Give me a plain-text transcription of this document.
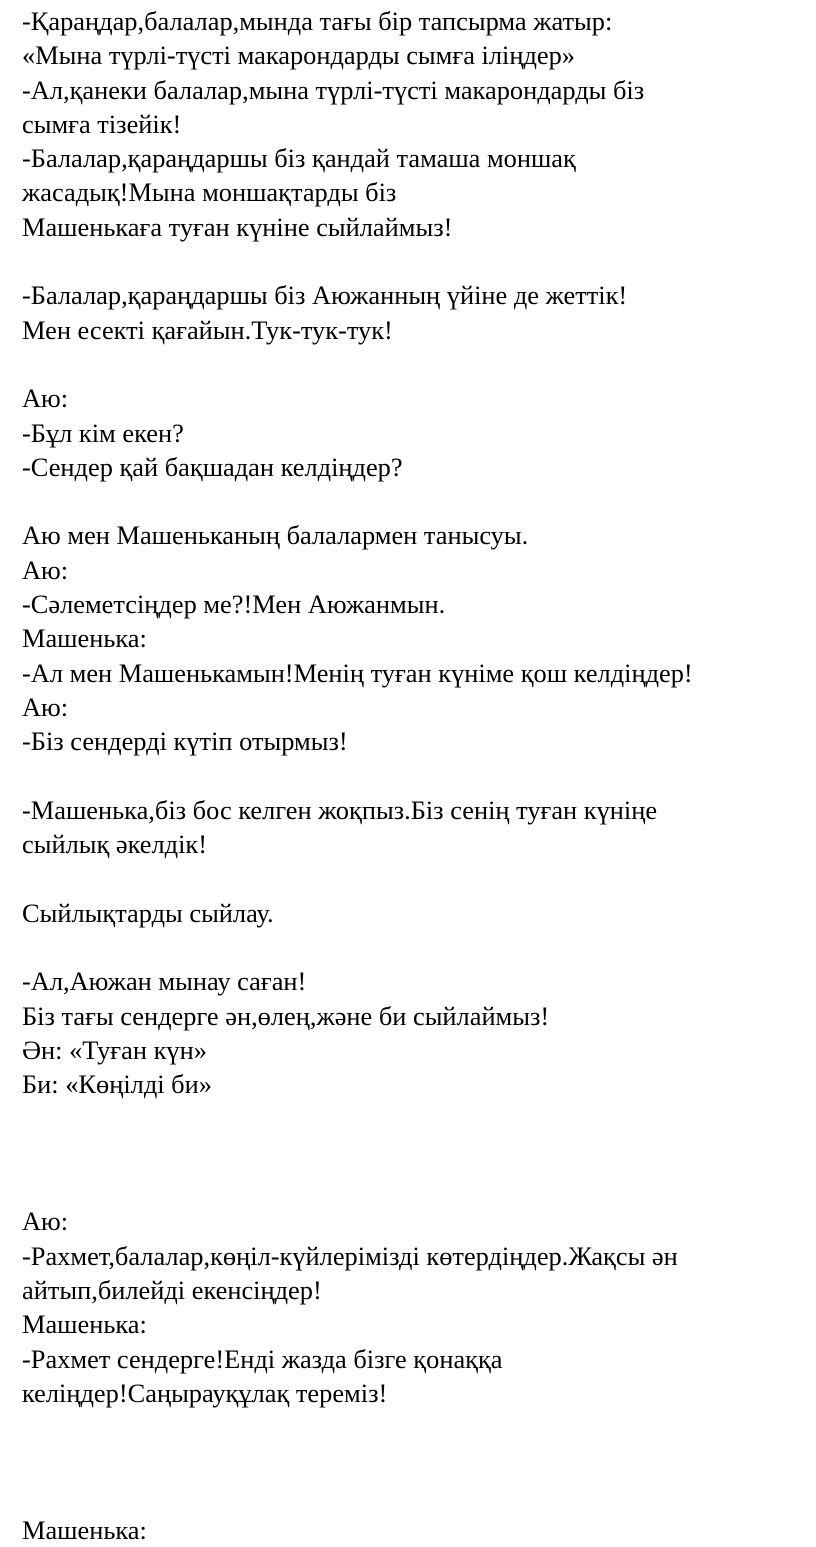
-Қараңдар,балалар,мында тағы бір тапсырма жатыр:
«Мына түрлі-түсті макарондарды сымға іліңдер»
-Ал,қанеки балалар,мына түрлі-түсті макарондарды біз
сымға тізейік!
-Балалар,қараңдаршы біз қандай тамаша моншақ
жасадық!Мына моншақтарды біз
Машенькаға туған күніне сыйлаймыз!
-Балалар,қараңдаршы біз Аюжанның үйіне де жеттік!
Мен есекті қағайын.Тук-тук-тук!
Аю:
-Бұл кім екен?
-Сендер қай бақшадан келдіңдер?
Аю мен Машеньканың балалармен танысуы.
Аю:
-Сәлеметсіңдер ме?!Мен Аюжанмын.
Машенька:
-Ал мен Машенькамын!Менің туған күніме қош келдіңдер!
Аю:
-Біз сендерді күтіп отырмыз!
-Машенька,біз бос келген жоқпыз.Біз сенің туған күніңе
сыйлық әкелдік!
Сыйлықтарды сыйлау.
-Ал,Аюжан мынау саған!
Біз тағы сендерге ән,өлең,және би сыйлаймыз!
Ән: «Туған күн»
Би: «Көңілді би»
Аю:
-Рахмет,балалар,көңіл-күйлерімізді көтердіңдер.Жақсы ән
айтып,билейді екенсіңдер!
Машенька:
-Рахмет сендерге!Енді жазда бізге қонаққа
келіңдер!Саңырауқұлақ тереміз!
Машенька:
